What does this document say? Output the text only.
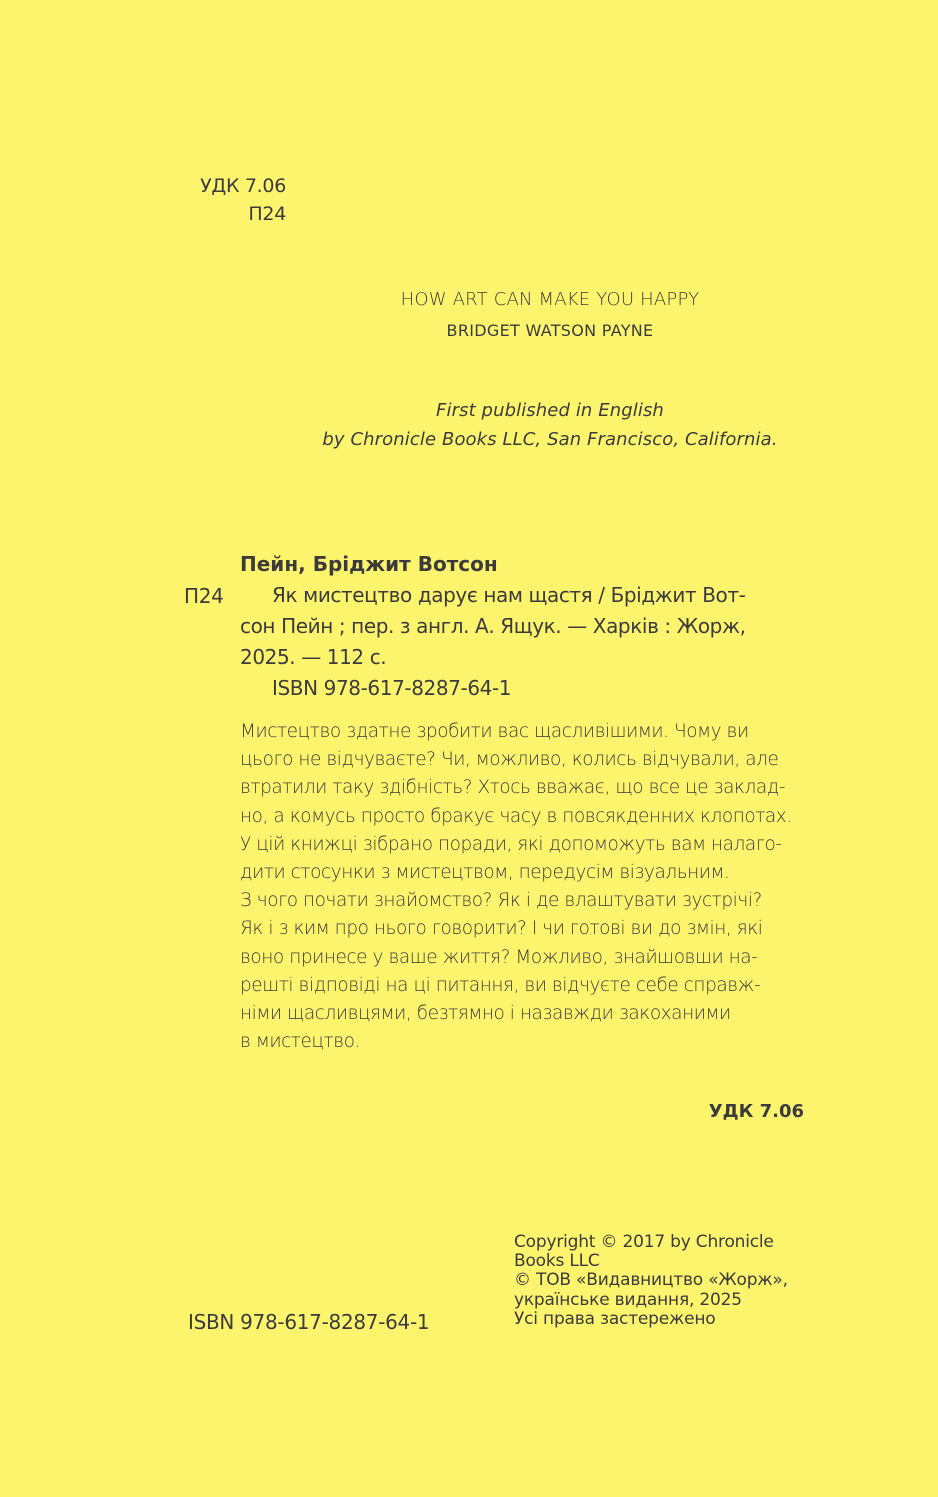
УДК 7.06
П24
HOW ART CAN MAKE YOU HAPPY
BRIDGET WATSON PAYNE
First published in English
by Chronicle Books LLC, San Francisco, California.
Пейн, Бріджит Вотсон
П24	Як мистецтво дарує нам щастя / Бріджит Вот-
сон Пейн ; пер. з англ. А. Ящук. — Харків : Жорж,
2025. — 112 с.
ISBN 978-617-8287-64-1
Мистецтво здатне зробити вас щасливішими. Чому ви
цього не відчуваєте? Чи, можливо, колись відчували, але
втратили таку здібність? Хтось вважає, що все це заклад-
но, а комусь просто бракує часу в повсякденних клопотах.
У цій книжці зібрано поради, які допоможуть вам налаго-
дити стосунки з мистецтвом, передусім візуальним.
З чого почати знайомство? Як і де влаштувати зустрічі?
Як і з ким про нього говорити? І чи готові ви до змін, які
воно принесе у ваше життя? Можливо, знайшовши на-
решті відповіді на ці питання, ви відчуєте себе справж-
німи щасливцями, безтямно і назавжди закоханими
в мистецтво.
УДК 7.06
Copyright © 2017 by Chronicle
Books LLC
© ТОВ «Видавництво «Жорж»,
українське видання, 2025
Усі права застережено
ISBN 978-617-8287-64-1
